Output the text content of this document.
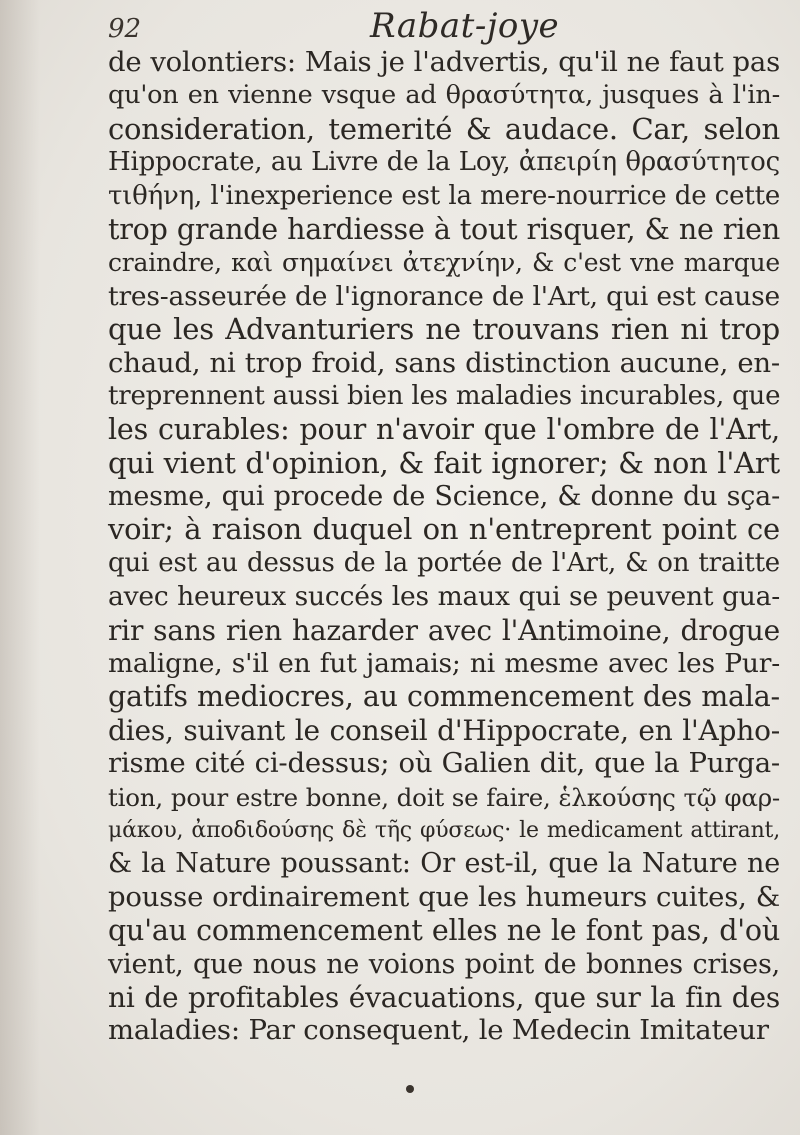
92	Rabat-joye
de volontiers: Mais je l'advertis, qu'il ne faut pas
qu'on en vienne vsque ad θρασύτητα, jusques à l'in-
consideration, temerité & audace. Car, selon
Hippocrate, au Livre de la Loy, ἀπειρίη θρασύτητος
τιθήνη, l'inexperience est la mere-nourrice de cette
trop grande hardiesse à tout risquer, & ne rien
craindre, καὶ σημαίνει ἀτεχνίην, & c'est vne marque
tres-asseurée de l'ignorance de l'Art, qui est cause
que les Advanturiers ne trouvans rien ni trop
chaud, ni trop froid, sans distinction aucune, en-
treprennent aussi bien les maladies incurables, que
les curables: pour n'avoir que l'ombre de l'Art,
qui vient d'opinion, & fait ignorer; & non l'Art
mesme, qui procede de Science, & donne du sça-
voir; à raison duquel on n'entreprent point ce
qui est au dessus de la portée de l'Art, & on traitte
avec heureux succés les maux qui se peuvent gua-
rir sans rien hazarder avec l'Antimoine, drogue
maligne, s'il en fut jamais; ni mesme avec les Pur-
gatifs mediocres, au commencement des mala-
dies, suivant le conseil d'Hippocrate, en l'Apho-
risme cité ci-dessus; où Galien dit, que la Purga-
tion, pour estre bonne, doit se faire, ἑλκούσης τῷ φαρ-
μάκου, ἀποδιδούσης δὲ τῆς φύσεως· le medicament attirant,
& la Nature poussant: Or est-il, que la Nature ne
pousse ordinairement que les humeurs cuites, &
qu'au commencement elles ne le font pas, d'où
vient, que nous ne voions point de bonnes crises,
ni de profitables évacuations, que sur la fin des
maladies: Par consequent, le Medecin Imitateur
